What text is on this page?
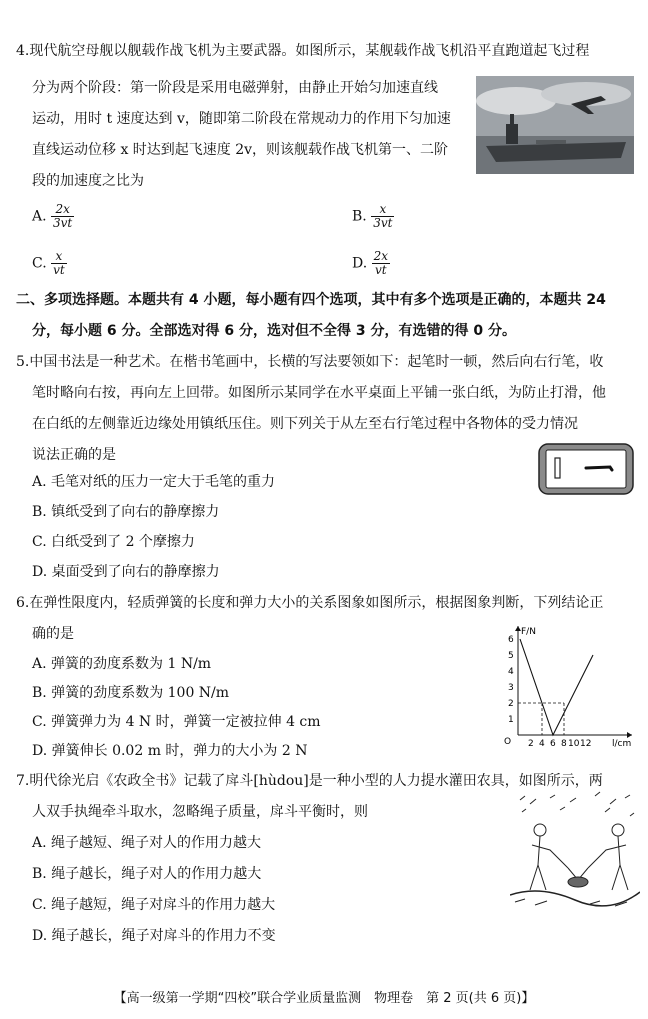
4.现代航空母舰以舰载作战飞机为主要武器。如图所示，某舰载作战飞机沿平直跑道起飞过程
分为两个阶段：第一阶段是采用电磁弹射，由静止开始匀加速直线
运动，用时 t 速度达到 v，随即第二阶段在常规动力的作用下匀加速
直线运动位移 x 时达到起飞速度 2v，则该舰载作战飞机第一、二阶
段的加速度之比为
A. $\frac{2x}{3vt}$	B. $\frac{x}{3vt}$
C. $\frac{x}{vt}$	D. $\frac{2x}{vt}$
二、多项选择题。本题共有 4 小题，每小题有四个选项，其中有多个选项是正确的，本题共 24
分，每小题 6 分。全部选对得 6 分，选对但不全得 3 分，有选错的得 0 分。
5.中国书法是一种艺术。在楷书笔画中，长横的写法要领如下：起笔时一顿，然后向右行笔，收
笔时略向右按，再向左上回带。如图所示某同学在水平桌面上平铺一张白纸，为防止打滑，他
在白纸的左侧靠近边缘处用镇纸压住。则下列关于从左至右行笔过程中各物体的受力情况
说法正确的是
A. 毛笔对纸的压力一定大于毛笔的重力
B. 镇纸受到了向右的静摩擦力
C. 白纸受到了 2 个摩擦力
D. 桌面受到了向右的静摩擦力
6.在弹性限度内，轻质弹簧的长度和弹力大小的关系图象如图所示，根据图象判断，下列结论正
确的是
A. 弹簧的劲度系数为 1 N/m
B. 弹簧的劲度系数为 100 N/m
C. 弹簧弹力为 4 N 时，弹簧一定被拉伸 4 cm
D. 弹簧伸长 0.02 m 时，弹力的大小为 2 N
F/N
l/cm
O
1
2
3
4
5
6
2 4 6 8 10 12
7.明代徐光启《农政全书》记载了戽斗[hùdou]是一种小型的人力提水灌田农具，如图所示，两
人双手执绳牵斗取水，忽略绳子质量，戽斗平衡时，则
A. 绳子越短、绳子对人的作用力越大
B. 绳子越长，绳子对人的作用力越大
C. 绳子越短，绳子对戽斗的作用力越大
D. 绳子越长，绳子对戽斗的作用力不变
【高一级第一学期“四校”联合学业质量监测　物理卷　第 2 页(共 6 页)】
